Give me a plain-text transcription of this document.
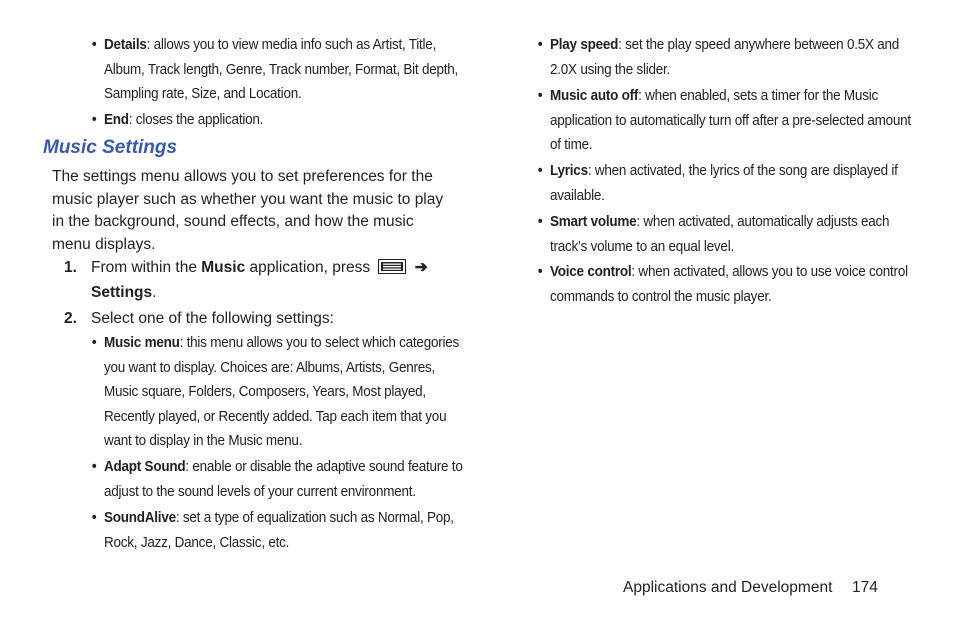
• Details: allows you to view media info such as Artist, Title,
Album, Track length, Genre, Track number, Format, Bit depth,
Sampling rate, Size, and Location.
• End: closes the application.
Music Settings
The settings menu allows you to set preferences for the music player such as whether you want the music to play in the background, sound effects, and how the music menu displays.
1. From within the Music application, press	➔
Settings.
2. Select one of the following settings:
• Music menu: this menu allows you to select which categories
you want to display. Choices are: Albums, Artists, Genres,
Music square, Folders, Composers, Years, Most played,
Recently played, or Recently added. Tap each item that you
want to display in the Music menu.
• Adapt Sound: enable or disable the adaptive sound feature to
adjust to the sound levels of your current environment.
• SoundAlive: set a type of equalization such as Normal, Pop,
Rock, Jazz, Dance, Classic, etc.
• Play speed: set the play speed anywhere between 0.5X and
2.0X using the slider.
• Music auto off: when enabled, sets a timer for the Music
application to automatically turn off after a pre-selected amount
of time.
• Lyrics: when activated, the lyrics of the song are displayed if
available.
• Smart volume: when activated, automatically adjusts each
track’s volume to an equal level.
• Voice control: when activated, allows you to use voice control
commands to control the music player.
Applications and Development 174
